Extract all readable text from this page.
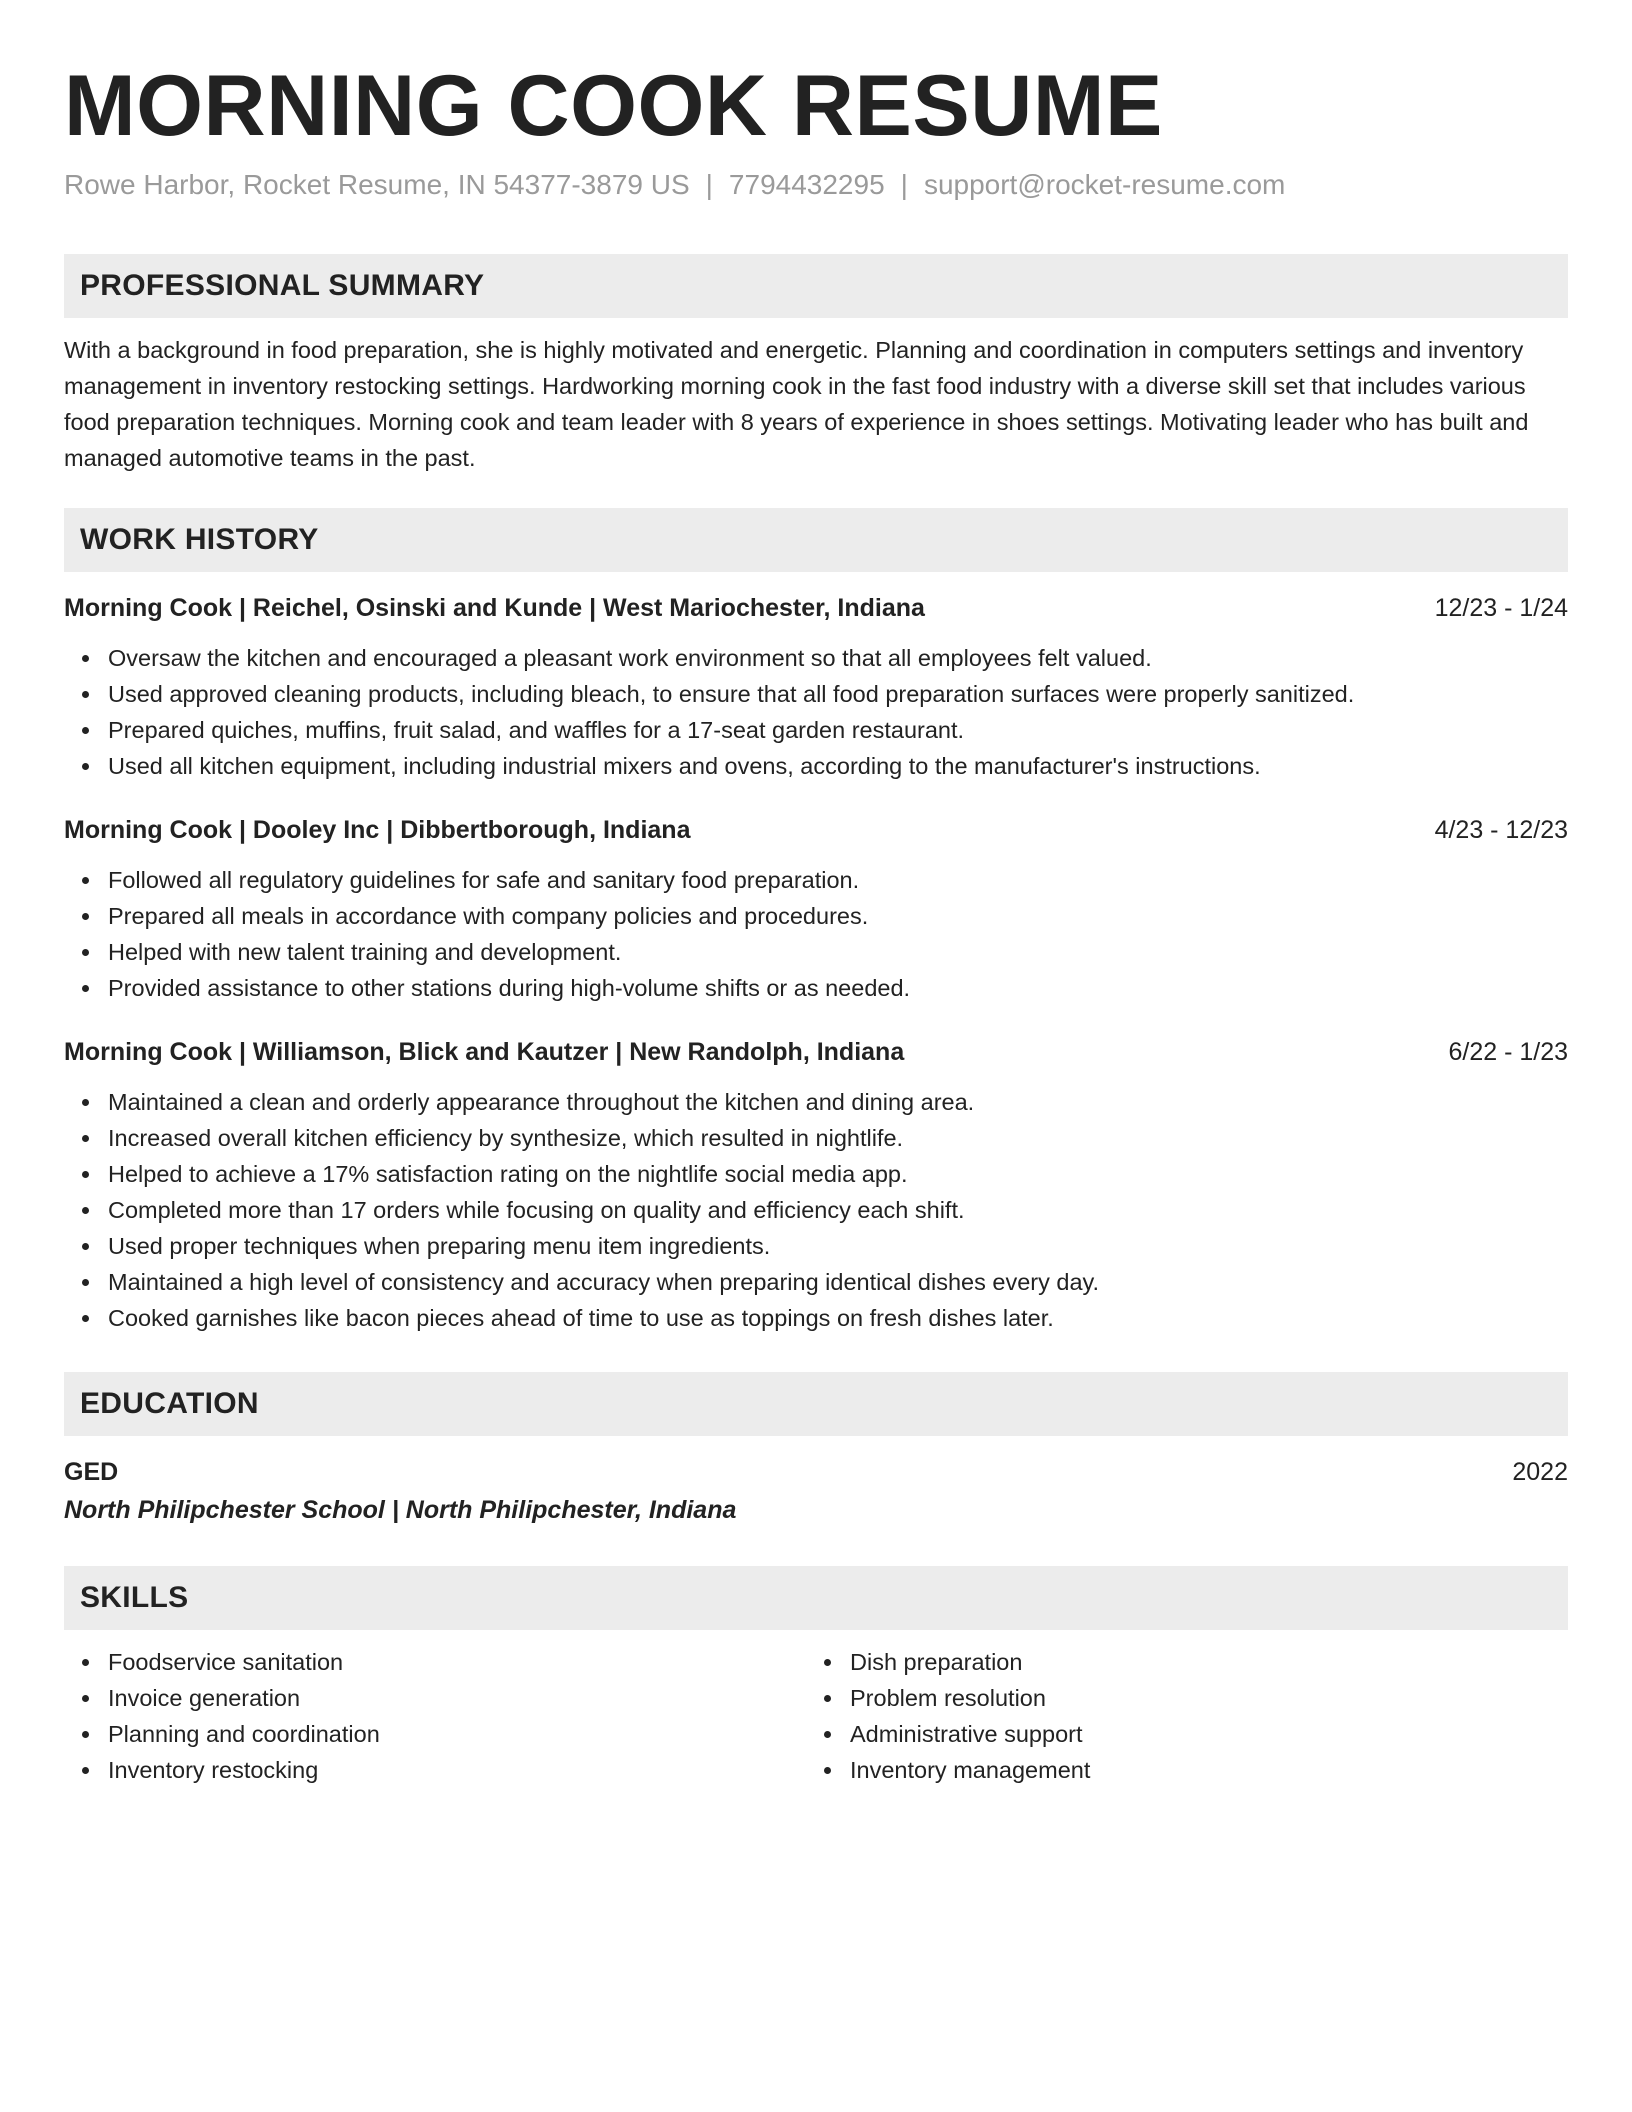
MORNING COOK RESUME
Rowe Harbor, Rocket Resume, IN 54377-3879 US | 7794432295 | support@rocket-resume.com
PROFESSIONAL SUMMARY
With a background in food preparation, she is highly motivated and energetic. Planning and coordination in computers settings and inventory management in inventory restocking settings. Hardworking morning cook in the fast food industry with a diverse skill set that includes various food preparation techniques. Morning cook and team leader with 8 years of experience in shoes settings. Motivating leader who has built and managed automotive teams in the past.
WORK HISTORY
Morning Cook | Reichel, Osinski and Kunde | West Mariochester, Indiana	12/23 - 1/24
Oversaw the kitchen and encouraged a pleasant work environment so that all employees felt valued.
Used approved cleaning products, including bleach, to ensure that all food preparation surfaces were properly sanitized.
Prepared quiches, muffins, fruit salad, and waffles for a 17-seat garden restaurant.
Used all kitchen equipment, including industrial mixers and ovens, according to the manufacturer's instructions.
Morning Cook | Dooley Inc | Dibbertborough, Indiana	4/23 - 12/23
Followed all regulatory guidelines for safe and sanitary food preparation.
Prepared all meals in accordance with company policies and procedures.
Helped with new talent training and development.
Provided assistance to other stations during high-volume shifts or as needed.
Morning Cook | Williamson, Blick and Kautzer | New Randolph, Indiana	6/22 - 1/23
Maintained a clean and orderly appearance throughout the kitchen and dining area.
Increased overall kitchen efficiency by synthesize, which resulted in nightlife.
Helped to achieve a 17% satisfaction rating on the nightlife social media app.
Completed more than 17 orders while focusing on quality and efficiency each shift.
Used proper techniques when preparing menu item ingredients.
Maintained a high level of consistency and accuracy when preparing identical dishes every day.
Cooked garnishes like bacon pieces ahead of time to use as toppings on fresh dishes later.
EDUCATION
GED	2022
North Philipchester School | North Philipchester, Indiana
SKILLS
Foodservice sanitation
Invoice generation
Planning and coordination
Inventory restocking
Dish preparation
Problem resolution
Administrative support
Inventory management
